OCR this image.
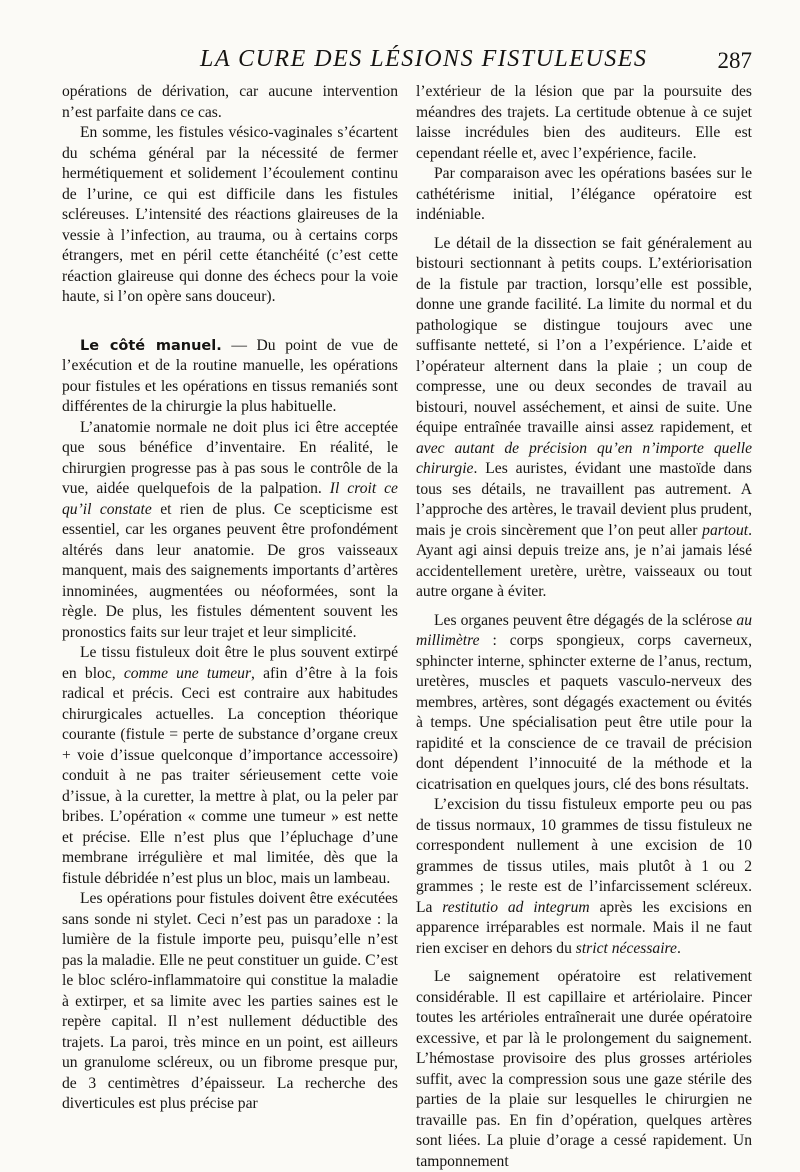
LA CURE DES LÉSIONS FISTULEUSES	287

opérations de dérivation, car aucune intervention n’est parfaite dans ce cas.

En somme, les fistules vésico-vaginales s’écartent du schéma général par la nécessité de fermer hermétiquement et solidement l’écoulement continu de l’urine, ce qui est difficile dans les fistules scléreuses. L’intensité des réactions glaireuses de la vessie à l’infection, au trauma, ou à certains corps étrangers, met en péril cette étanchéité (c’est cette réaction glaireuse qui donne des échecs pour la voie haute, si l’on opère sans douceur).

Le côté manuel. — Du point de vue de l’exécution et de la routine manuelle, les opérations pour fistules et les opérations en tissus remaniés sont différentes de la chirurgie la plus habituelle.

L’anatomie normale ne doit plus ici être acceptée que sous bénéfice d’inventaire. En réalité, le chirurgien progresse pas à pas sous le contrôle de la vue, aidée quelquefois de la palpation. Il croit ce qu’il constate et rien de plus. Ce scepticisme est essentiel, car les organes peuvent être profondément altérés dans leur anatomie. De gros vaisseaux manquent, mais des saignements importants d’artères innominées, augmentées ou néoformées, sont la règle. De plus, les fistules démentent souvent les pronostics faits sur leur trajet et leur simplicité.

Le tissu fistuleux doit être le plus souvent extirpé en bloc, comme une tumeur, afin d’être à la fois radical et précis. Ceci est contraire aux habitudes chirurgicales actuelles. La conception théorique courante (fistule = perte de substance d’organe creux + voie d’issue quelconque d’importance accessoire) conduit à ne pas traiter sérieusement cette voie d’issue, à la curetter, la mettre à plat, ou la peler par bribes. L’opération « comme une tumeur » est nette et précise. Elle n’est plus que l’épluchage d’une membrane irrégulière et mal limitée, dès que la fistule débridée n’est plus un bloc, mais un lambeau.

Les opérations pour fistules doivent être exécutées sans sonde ni stylet. Ceci n’est pas un paradoxe : la lumière de la fistule importe peu, puisqu’elle n’est pas la maladie. Elle ne peut constituer un guide. C’est le bloc scléro-inflammatoire qui constitue la maladie à extirper, et sa limite avec les parties saines est le repère capital. Il n’est nullement déductible des trajets. La paroi, très mince en un point, est ailleurs un granulome scléreux, ou un fibrome presque pur, de 3 centimètres d’épaisseur. La recherche des diverticules est plus précise par

l’extérieur de la lésion que par la poursuite des méandres des trajets. La certitude obtenue à ce sujet laisse incrédules bien des auditeurs. Elle est cependant réelle et, avec l’expérience, facile.

Par comparaison avec les opérations basées sur le cathétérisme initial, l’élégance opératoire est indéniable.

Le détail de la dissection se fait généralement au bistouri sectionnant à petits coups. L’extériorisation de la fistule par traction, lorsqu’elle est possible, donne une grande facilité. La limite du normal et du pathologique se distingue toujours avec une suffisante netteté, si l’on a l’expérience. L’aide et l’opérateur alternent dans la plaie ; un coup de compresse, une ou deux secondes de travail au bistouri, nouvel asséchement, et ainsi de suite. Une équipe entraînée travaille ainsi assez rapidement, et avec autant de précision qu’en n’importe quelle chirurgie. Les auristes, évidant une mastoïde dans tous ses détails, ne travaillent pas autrement. A l’approche des artères, le travail devient plus prudent, mais je crois sincèrement que l’on peut aller partout. Ayant agi ainsi depuis treize ans, je n’ai jamais lésé accidentellement uretère, urètre, vaisseaux ou tout autre organe à éviter.

Les organes peuvent être dégagés de la sclérose au millimètre : corps spongieux, corps caverneux, sphincter interne, sphincter externe de l’anus, rectum, uretères, muscles et paquets vasculo-nerveux des membres, artères, sont dégagés exactement ou évités à temps. Une spécialisation peut être utile pour la rapidité et la conscience de ce travail de précision dont dépendent l’innocuité de la méthode et la cicatrisation en quelques jours, clé des bons résultats.

L’excision du tissu fistuleux emporte peu ou pas de tissus normaux, 10 grammes de tissu fistuleux ne correspondent nullement à une excision de 10 grammes de tissus utiles, mais plutôt à 1 ou 2 grammes ; le reste est de l’infarcissement scléreux. La restitutio ad integrum après les excisions en apparence irréparables est normale. Mais il ne faut rien exciser en dehors du strict nécessaire.

Le saignement opératoire est relativement considérable. Il est capillaire et artériolaire. Pincer toutes les artérioles entraînerait une durée opératoire excessive, et par là le prolongement du saignement. L’hémostase provisoire des plus grosses artérioles suffit, avec la compression sous une gaze stérile des parties de la plaie sur lesquelles le chirurgien ne travaille pas. En fin d’opération, quelques artères sont liées. La pluie d’orage a cessé rapidement. Un tamponnement
